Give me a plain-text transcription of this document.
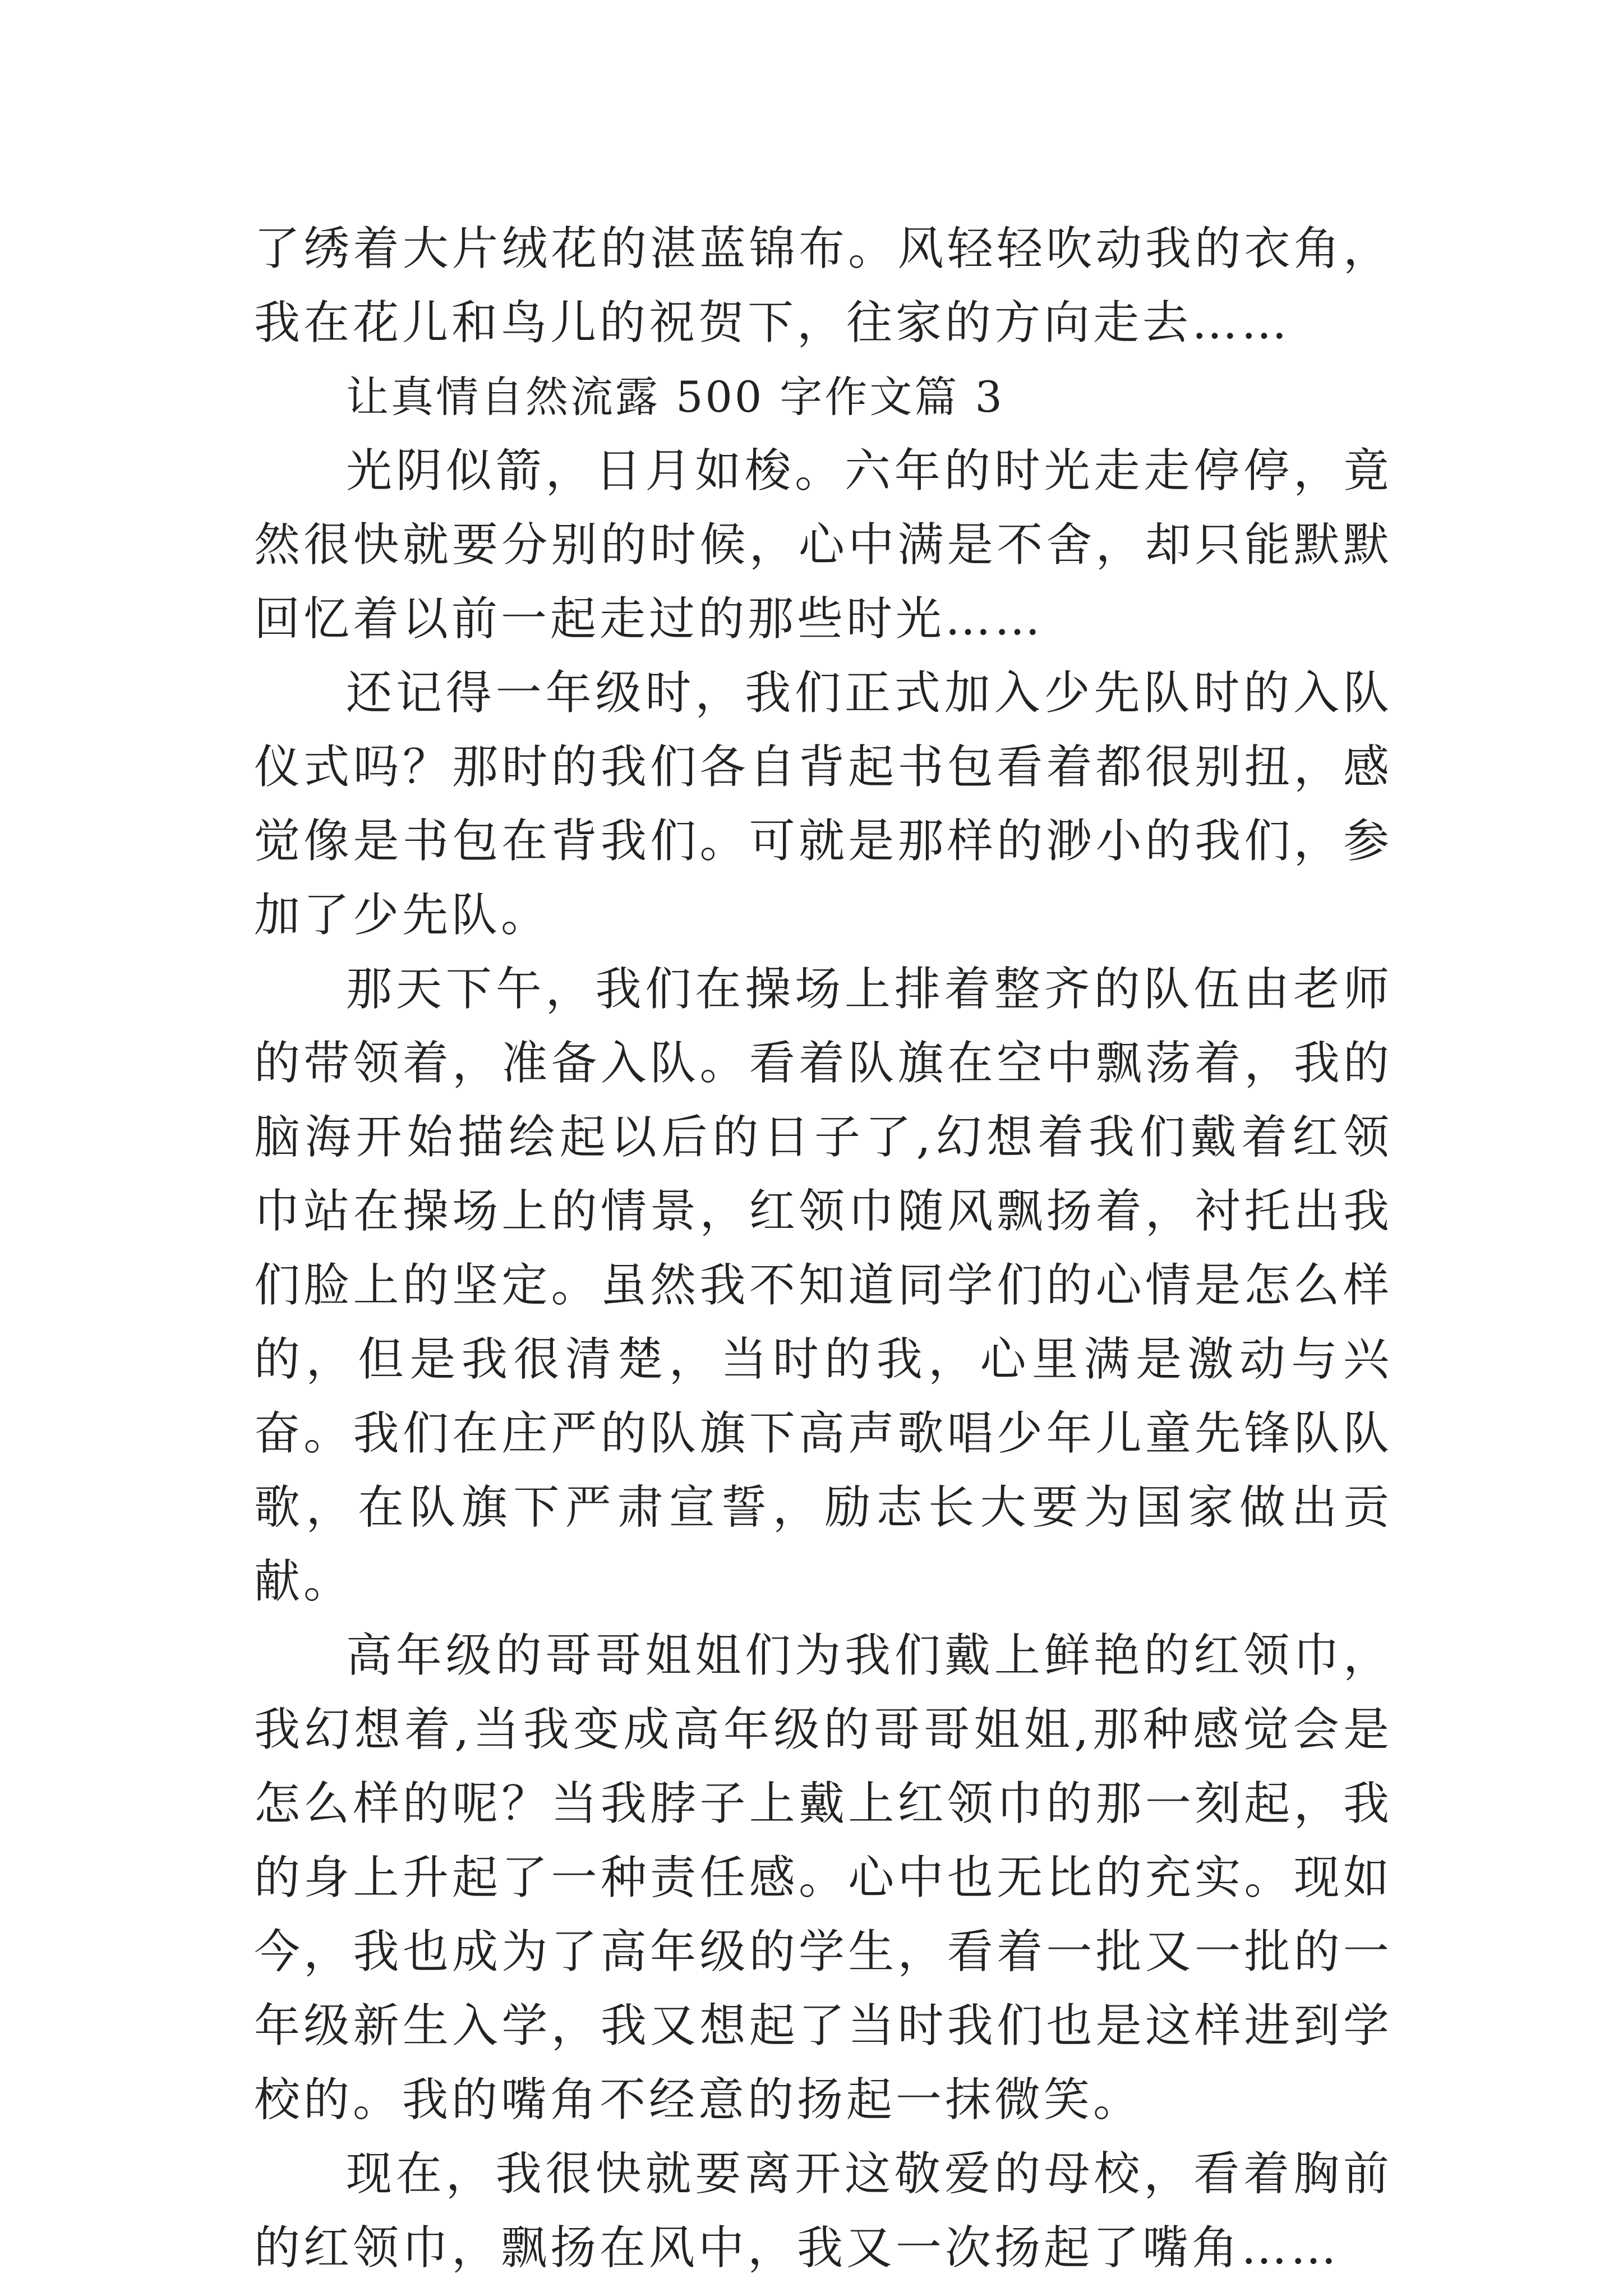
了绣着大片绒花的湛蓝锦布。风轻轻吹动我的衣角，我在花儿和鸟儿的祝贺下，往家的方向走去……

让真情自然流露 500 字作文篇 3

光阴似箭，日月如梭。六年的时光走走停停，竟然很快就要分别的时候，心中满是不舍，却只能默默回忆着以前一起走过的那些时光……

还记得一年级时，我们正式加入少先队时的入队仪式吗？那时的我们各自背起书包看着都很别扭，感觉像是书包在背我们。可就是那样的渺小的我们，参加了少先队。

那天下午，我们在操场上排着整齐的队伍由老师的带领着，准备入队。看着队旗在空中飘荡着，我的脑海开始描绘起以后的日子了,幻想着我们戴着红领巾站在操场上的情景，红领巾随风飘扬着，衬托出我们脸上的坚定。虽然我不知道同学们的心情是怎么样的，但是我很清楚，当时的我，心里满是激动与兴奋。我们在庄严的队旗下高声歌唱少年儿童先锋队队歌，在队旗下严肃宣誓，励志长大要为国家做出贡献。

高年级的哥哥姐姐们为我们戴上鲜艳的红领巾，我幻想着,当我变成高年级的哥哥姐姐,那种感觉会是怎么样的呢？当我脖子上戴上红领巾的那一刻起，我的身上升起了一种责任感。心中也无比的充实。现如今，我也成为了高年级的学生，看着一批又一批的一年级新生入学，我又想起了当时我们也是这样进到学校的。我的嘴角不经意的扬起一抹微笑。

现在，我很快就要离开这敬爱的母校，看着胸前的红领巾，飘扬在风中，我又一次扬起了嘴角……
